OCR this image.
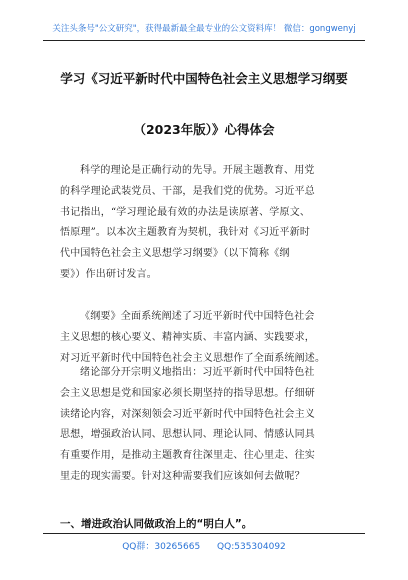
关注头条号"公文研究"，获得最新最全最专业的公文资料库！ 微信：gongwenyj
学习《习近平新时代中国特色社会主义思想学习纲要
（2023年版）》心得体会
科学的理论是正确行动的先导。开展主题教育、用党
的科学理论武装党员、干部，是我们党的优势。习近平总
书记指出，“学习理论最有效的办法是读原著、学原文、
悟原理”。以本次主题教育为契机，我针对《习近平新时
代中国特色社会主义思想学习纲要》（以下简称《纲
要》）作出研讨发言。
《纲要》全面系统阐述了习近平新时代中国特色社会
主义思想的核心要义、精神实质、丰富内涵、实践要求，
对习近平新时代中国特色社会主义思想作了全面系统阐述。
绪论部分开宗明义地指出：习近平新时代中国特色社
会主义思想是党和国家必须长期坚持的指导思想。仔细研
读绪论内容，对深刻领会习近平新时代中国特色社会主义
思想，增强政治认同、思想认同、理论认同、情感认同具
有重要作用，是推动主题教育往深里走、往心里走、往实
里走的现实需要。针对这种需要我们应该如何去做呢？
一、增进政治认同做政治上的“明白人”。
QQ群：30265665 QQ:535304092
